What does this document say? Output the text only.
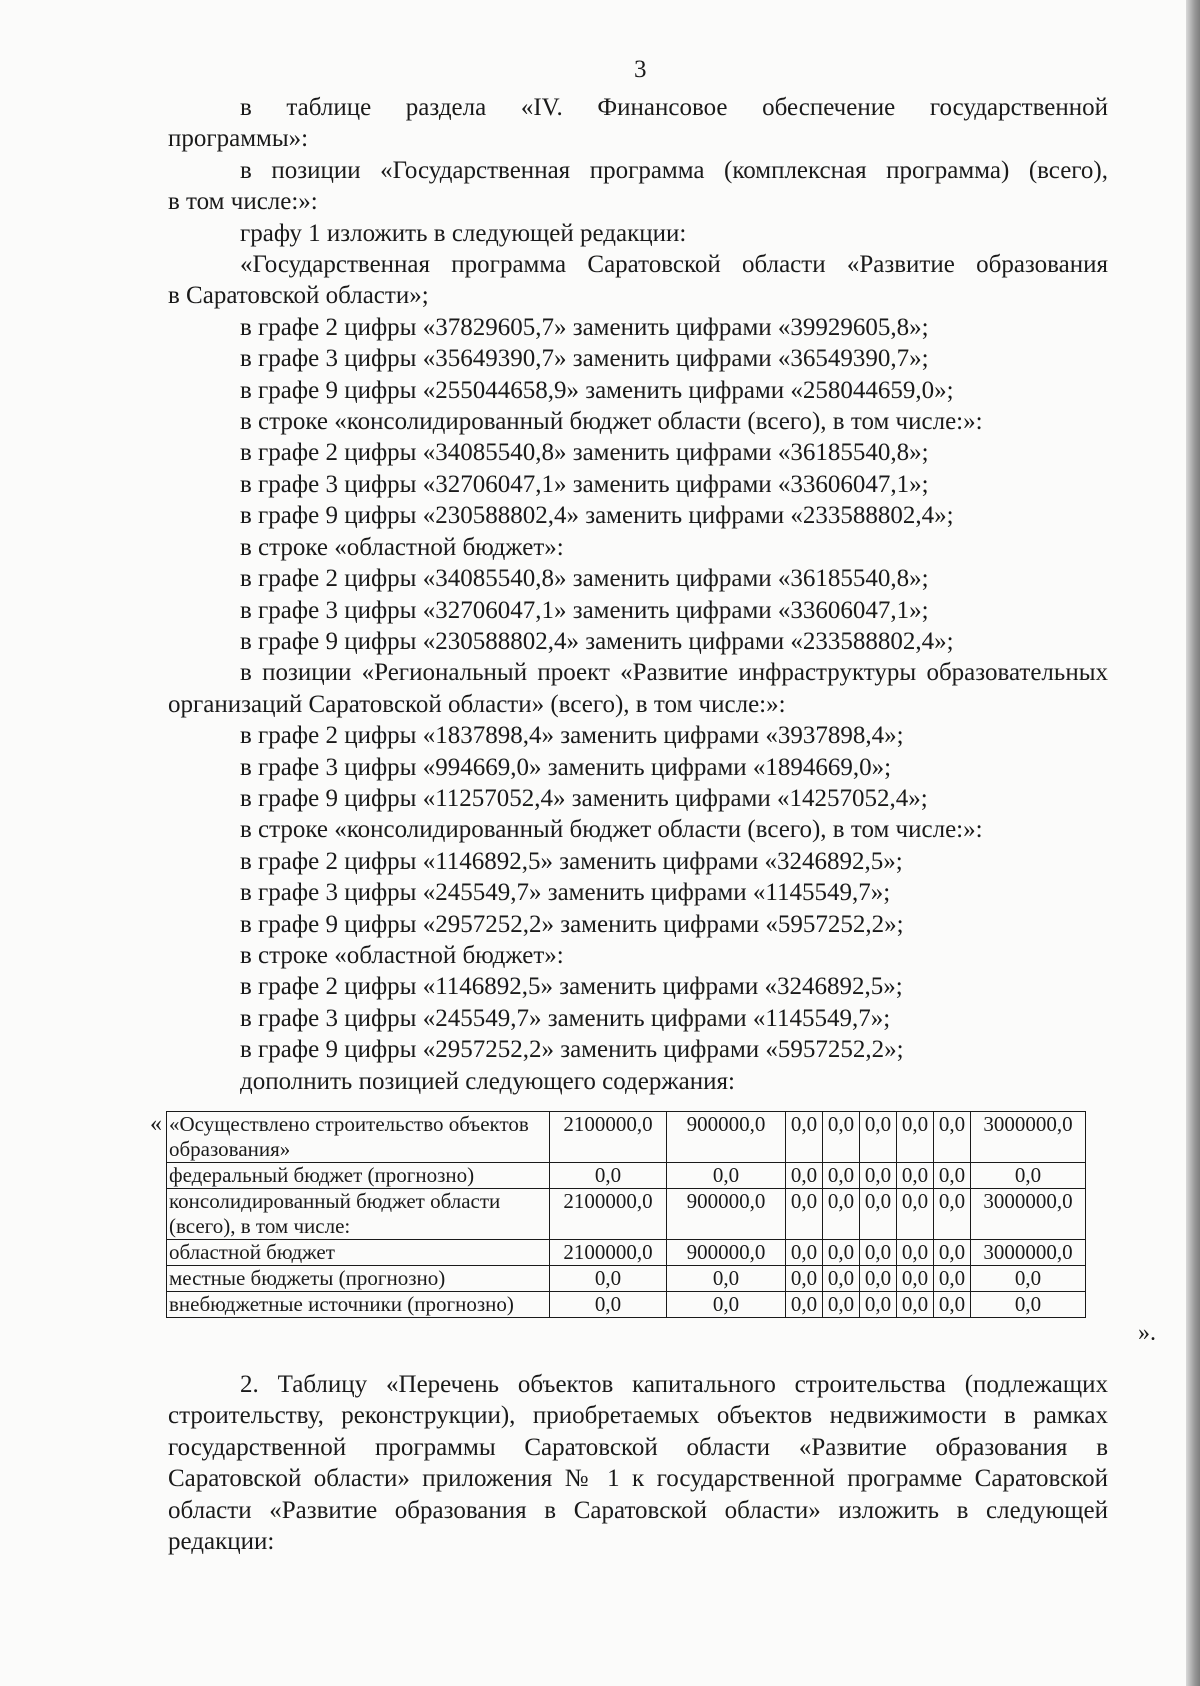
3
в таблице раздела «IV. Финансовое обеспечение государственной
программы»:
в позиции «Государственная программа (комплексная программа) (всего),
в том числе:»:
графу 1 изложить в следующей редакции:
«Государственная программа Саратовской области «Развитие образования
в Саратовской области»;
в графе 2 цифры «37829605,7» заменить цифрами «39929605,8»;
в графе 3 цифры «35649390,7» заменить цифрами «36549390,7»;
в графе 9 цифры «255044658,9» заменить цифрами «258044659,0»;
в строке «консолидированный бюджет области (всего), в том числе:»:
в графе 2 цифры «34085540,8» заменить цифрами «36185540,8»;
в графе 3 цифры «32706047,1» заменить цифрами «33606047,1»;
в графе 9 цифры «230588802,4» заменить цифрами «233588802,4»;
в строке «областной бюджет»:
в графе 2 цифры «34085540,8» заменить цифрами «36185540,8»;
в графе 3 цифры «32706047,1» заменить цифрами «33606047,1»;
в графе 9 цифры «230588802,4» заменить цифрами «233588802,4»;
в позиции «Региональный проект «Развитие инфраструктуры образовательных
организаций Саратовской области» (всего), в том числе:»:
в графе 2 цифры «1837898,4» заменить цифрами «3937898,4»;
в графе 3 цифры «994669,0» заменить цифрами «1894669,0»;
в графе 9 цифры «11257052,4» заменить цифрами «14257052,4»;
в строке «консолидированный бюджет области (всего), в том числе:»:
в графе 2 цифры «1146892,5» заменить цифрами «3246892,5»;
в графе 3 цифры «245549,7» заменить цифрами «1145549,7»;
в графе 9 цифры «2957252,2» заменить цифрами «5957252,2»;
в строке «областной бюджет»:
в графе 2 цифры «1146892,5» заменить цифрами «3246892,5»;
в графе 3 цифры «245549,7» заменить цифрами «1145549,7»;
в графе 9 цифры «2957252,2» заменить цифрами «5957252,2»;
дополнить позицией следующего содержания:
« «Осуществлено строительство объектов образования»	2100000,0	900000,0	0,0	0,0	0,0	0,0	0,0	3000000,0
федеральный бюджет (прогнозно)	0,0	0,0	0,0	0,0	0,0	0,0	0,0	0,0
консолидированный бюджет области (всего), в том числе:	2100000,0	900000,0	0,0	0,0	0,0	0,0	0,0	3000000,0
областной бюджет	2100000,0	900000,0	0,0	0,0	0,0	0,0	0,0	3000000,0
местные бюджеты (прогнозно)	0,0	0,0	0,0	0,0	0,0	0,0	0,0	0,0
внебюджетные источники (прогнозно)	0,0	0,0	0,0	0,0	0,0	0,0	0,0	0,0
».
2. Таблицу «Перечень объектов капитального строительства (подлежащих строительству, реконструкции), приобретаемых объектов недвижимости в рамках государственной программы Саратовской области «Развитие образования в Саратовской области» приложения № 1 к государственной программе Саратовской области «Развитие образования в Саратовской области» изложить в следующей редакции:
